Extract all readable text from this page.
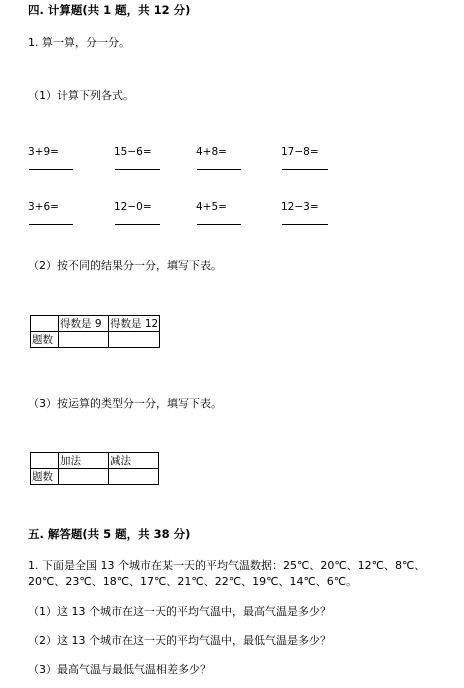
四. 计算题(共 1 题，共 12 分)
1. 算一算，分一分。
（1）计算下列各式。
3+9=	15−6=	4+8=	17−8=
3+6=	12−0=	4+5=	12−3=
（2）按不同的结果分一分，填写下表。
	得数是 9	得数是 12
题数		
（3）按运算的类型分一分，填写下表。
	加法	减法
题数		
五. 解答题(共 5 题，共 38 分)
1. 下面是全国 13 个城市在某一天的平均气温数据：25℃、20℃、12℃、8℃、
20℃、23℃、18℃、17℃、21℃、22℃、19℃、14℃、6℃。
（1）这 13 个城市在这一天的平均气温中，最高气温是多少？
（2）这 13 个城市在这一天的平均气温中，最低气温是多少？
（3）最高气温与最低气温相差多少？
